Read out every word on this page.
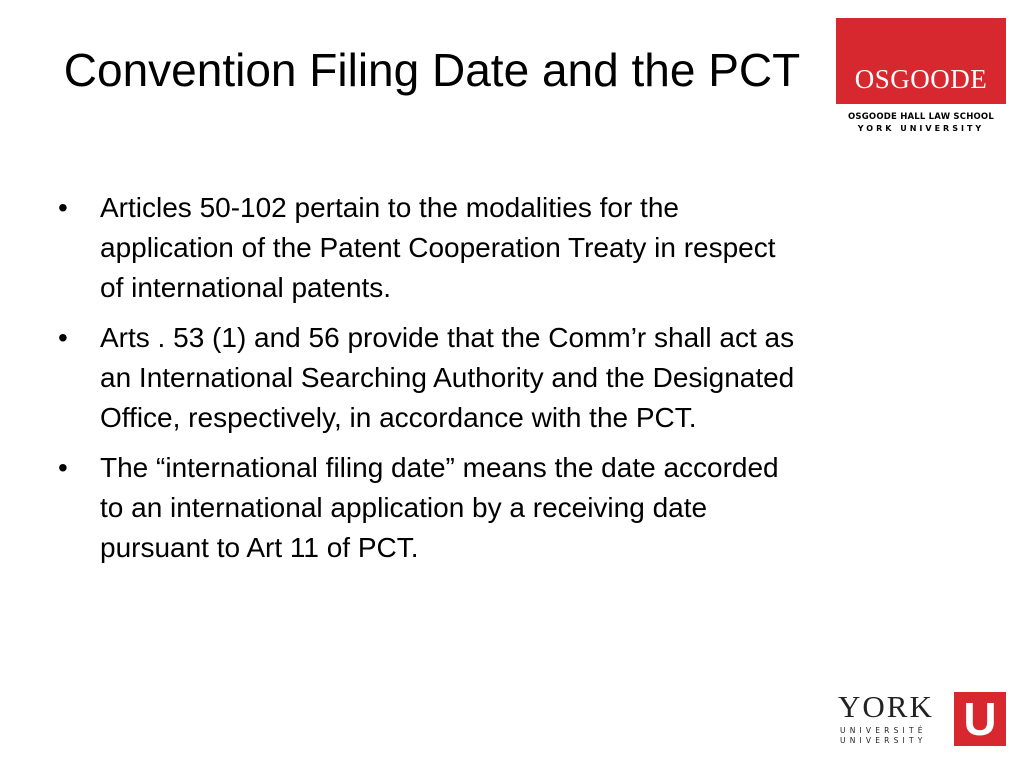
Convention Filing Date and the PCT	OSGOODE
OSGOODE HALL LAW SCHOOL
YORK UNIVERSITY
•	Articles 50-102 pertain to the modalities for the application of the Patent Cooperation Treaty in respect of international patents.
•	Arts . 53 (1) and 56 provide that the Comm’r shall act as an International Searching Authority and the Designated Office, respectively, in accordance with the PCT.
•	The “international filing date” means the date accorded to an international application by a receiving date pursuant to Art 11 of PCT.
YORK
UNIVERSITÉ
UNIVERSITY U
